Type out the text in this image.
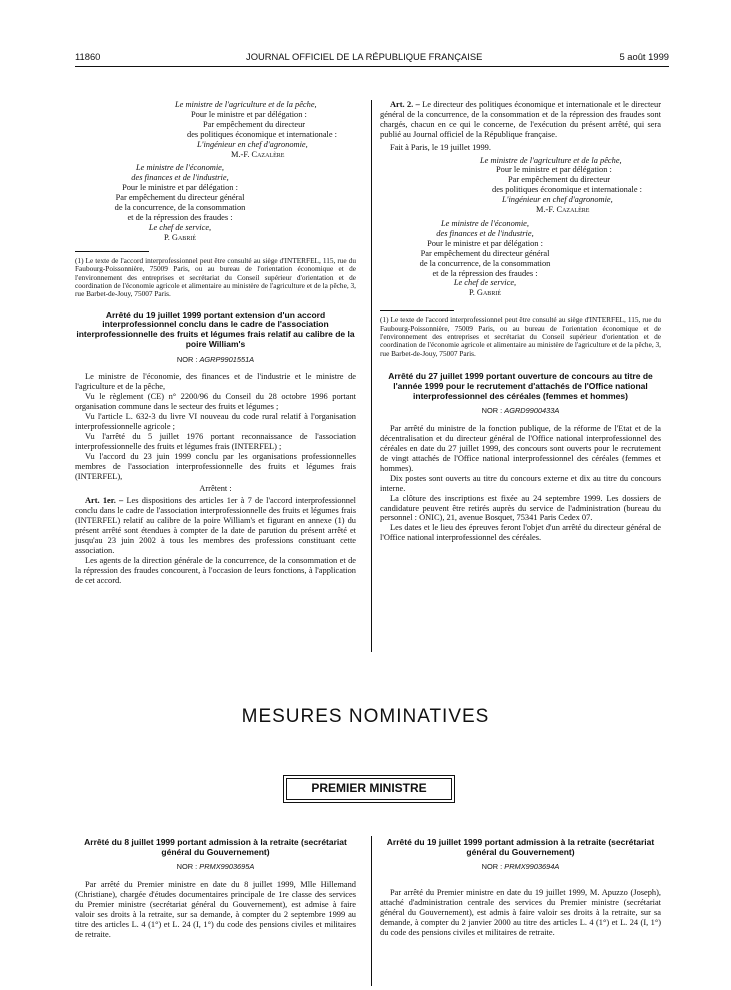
11860	JOURNAL OFFICIEL DE LA RÉPUBLIQUE FRANÇAISE	5 août 1999
Le ministre de l'agriculture et de la pêche,
Pour le ministre et par délégation :
Par empêchement du directeur
des politiques économique et internationale :
L'ingénieur en chef d'agronomie,
M.-F. Cazalère
Le ministre de l'économie,
des finances et de l'industrie,
Pour le ministre et par délégation :
Par empêchement du directeur général
de la concurrence, de la consommation
et de la répression des fraudes :
Le chef de service,
P. Gabrié

(1) Le texte de l'accord interprofessionnel peut être consulté au siège d'INTERFEL, 115, rue du Faubourg-Poissonnière, 75009 Paris, ou au bureau de l'orientation économique et de l'environnement des entreprises et secrétariat du Conseil supérieur d'orientation et de coordination de l'économie agricole et alimentaire au ministère de l'agriculture et de la pêche, 3, rue Barbet-de-Jouy, 75007 Paris.

Arrêté du 19 juillet 1999 portant extension d'un accord interprofessionnel conclu dans le cadre de l'association interprofessionnelle des fruits et légumes frais relatif au calibre de la poire William's

NOR : AGRP9901551A

Le ministre de l'économie, des finances et de l'industrie et le ministre de l'agriculture et de la pêche,

Vu le règlement (CE) n° 2200/96 du Conseil du 28 octobre 1996 portant organisation commune dans le secteur des fruits et légumes ;

Vu l'article L. 632-3 du livre VI nouveau du code rural relatif à l'organisation interprofessionnelle agricole ;

Vu l'arrêté du 5 juillet 1976 portant reconnaissance de l'association interprofessionnelle des fruits et légumes frais (INTERFEL) ;

Vu l'accord du 23 juin 1999 conclu par les organisations professionnelles membres de l'association interprofessionnelle des fruits et légumes frais (INTERFEL),

Arrêtent :

Art. 1er. – Les dispositions des articles 1er à 7 de l'accord interprofessionnel conclu dans le cadre de l'association interprofessionnelle des fruits et légumes frais (INTERFEL) relatif au calibre de la poire William's et figurant en annexe (1) du présent arrêté sont étendues à compter de la date de parution du présent arrêté et jusqu'au 23 juin 2002 à tous les membres des professions constituant cette association.

Les agents de la direction générale de la concurrence, de la consommation et de la répression des fraudes concourent, à l'occasion de leurs fonctions, à l'application de cet accord.

Art. 2. – Le directeur des politiques économique et internationale et le directeur général de la concurrence, de la consommation et de la répression des fraudes sont chargés, chacun en ce qui le concerne, de l'exécution du présent arrêté, qui sera publié au Journal officiel de la République française.

Fait à Paris, le 19 juillet 1999.

Le ministre de l'agriculture et de la pêche,
Pour le ministre et par délégation :
Par empêchement du directeur
des politiques économique et internationale :
L'ingénieur en chef d'agronomie,
M.-F. Cazalère
Le ministre de l'économie,
des finances et de l'industrie,
Pour le ministre et par délégation :
Par empêchement du directeur général
de la concurrence, de la consommation
et de la répression des fraudes :
Le chef de service,
P. Gabrié

(1) Le texte de l'accord interprofessionnel peut être consulté au siège d'INTERFEL, 115, rue du Faubourg-Poissonnière, 75009 Paris, ou au bureau de l'orientation économique et de l'environnement des entreprises et secrétariat du Conseil supérieur d'orientation et de coordination de l'économie agricole et alimentaire au ministère de l'agriculture et de la pêche, 3, rue Barbet-de-Jouy, 75007 Paris.

Arrêté du 27 juillet 1999 portant ouverture de concours au titre de l'année 1999 pour le recrutement d'attachés de l'Office national interprofessionnel des céréales (femmes et hommes)

NOR : AGRD9900433A

Par arrêté du ministre de la fonction publique, de la réforme de l'Etat et de la décentralisation et du directeur général de l'Office national interprofessionnel des céréales en date du 27 juillet 1999, des concours sont ouverts pour le recrutement de vingt attachés de l'Office national interprofessionnel des céréales (femmes et hommes).

Dix postes sont ouverts au titre du concours externe et dix au titre du concours interne.

La clôture des inscriptions est fixée au 24 septembre 1999. Les dossiers de candidature peuvent être retirés auprès du service de l'administration (bureau du personnel : ONIC), 21, avenue Bosquet, 75341 Paris Cedex 07.

Les dates et le lieu des épreuves feront l'objet d'un arrêté du directeur général de l'Office national interprofessionnel des céréales.

MESURES NOMINATIVES
PREMIER MINISTRE

Arrêté du 8 juillet 1999 portant admission à la retraite (secrétariat général du Gouvernement)

NOR : PRMX9903695A

Par arrêté du Premier ministre en date du 8 juillet 1999, Mlle Hillemand (Christiane), chargée d'études documentaires principale de 1re classe des services du Premier ministre (secrétariat général du Gouvernement), est admise à faire valoir ses droits à la retraite, sur sa demande, à compter du 2 septembre 1999 au titre des articles L. 4 (1°) et L. 24 (I, 1°) du code des pensions civiles et militaires de retraite.

Arrêté du 19 juillet 1999 portant admission à la retraite (secrétariat général du Gouvernement)

NOR : PRMX9903694A

Par arrêté du Premier ministre en date du 19 juillet 1999, M. Apuzzo (Joseph), attaché d'administration centrale des services du Premier ministre (secrétariat général du Gouvernement), est admis à faire valoir ses droits à la retraite, sur sa demande, à compter du 2 janvier 2000 au titre des articles L. 4 (1°) et L. 24 (I, 1°) du code des pensions civiles et militaires de retraite.
